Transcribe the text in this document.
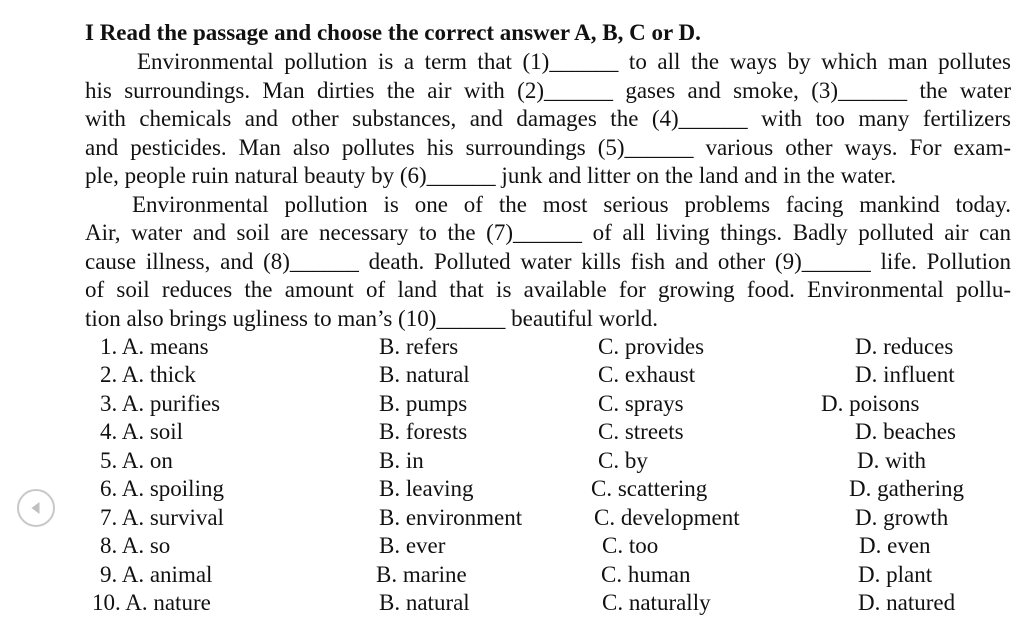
I Read the passage and choose the correct answer A, B, C or D.
Environmental pollution is a term that (1)______ to all the ways by which man pollutes
his surroundings. Man dirties the air with (2)______ gases and smoke, (3)______ the water
with chemicals and other substances, and damages the (4)______ with too many fertilizers
and pesticides. Man also pollutes his surroundings (5)______ various other ways. For exam-
ple, people ruin natural beauty by (6)______ junk and litter on the land and in the water.
Environmental pollution is one of the most serious problems facing mankind today.
Air, water and soil are necessary to the (7)______ of all living things. Badly polluted air can
cause illness, and (8)______ death. Polluted water kills fish and other (9)______ life. Pollution
of soil reduces the amount of land that is available for growing food. Environmental pollu-
tion also brings ugliness to man’s (10)______ beautiful world.
1. A. means	B. refers	C. provides	D. reduces
2. A. thick	B. natural	C. exhaust	D. influent
3. A. purifies	B. pumps	C. sprays	D. poisons
4. A. soil	B. forests	C. streets	D. beaches
5. A. on	B. in	C. by	D. with
6. A. spoiling	B. leaving	C. scattering	D. gathering
7. A. survival	B. environment	C. development	D. growth
8. A. so	B. ever	C. too	D. even
9. A. animal	B. marine	C. human	D. plant
10. A. nature	B. natural	C. naturally	D. natured
